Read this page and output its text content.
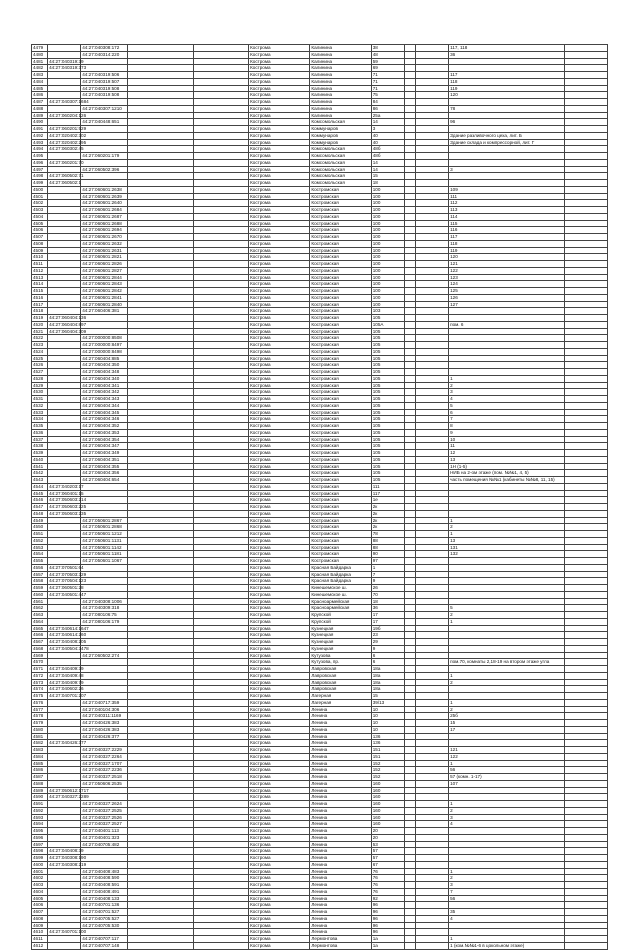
4479		44:27:040308:172			Кострома	Калинина	38			117, 118	
4480		44:27:040314:220			Кострома	Калинина	48			36	
4481	44:27:040319:39				Кострома	Калинина	59				
4482	44:27:040319:373				Кострома	Калинина	69				
4483		44:27:040319:506			Кострома	Калинина	71			117	
4484		44:27:040319:507			Кострома	Калинина	71			118	
4485		44:27:040319:508			Кострома	Калинина	71			119	
4486		44:27:040319:508			Кострома	Калинина	75			120	
4487	44:27:040307:1684				Кострома	Калинина	84				
4488		44:27:040307:1210			Кострома	Калинина	86			78	
4489	44:27:060204:126				Кострома	Калинина	25а				
4490		44:27:040448:651			Кострома	Комсомольская	14			96	
4491	44:27:060201:529				Кострома	Коммунаров	3				
4492	44:27:020402:302				Кострома	Коммунаров	40			Здание разливочного цеха, лит. Б	
4493	44:27:020402:295				Кострома	Коммунаров	40			Здание склада и компрессорной, лит. Г	
4494	44:27:060302:45				Кострома	Комсомольская	48б				
4495		44:27:060201:179			Кострома	Комсомольская	48б				
4496	44:27:060201:70				Кострома	Комсомольская	14				
4497		44:27:060502:396			Кострома	Комсомольская	14			3	
4498	44:27:060502:71				Кострома	Комсомольская	15				
4499	44:27:060502:1				Кострома	Комсомольская	18				
4500		44:27:060601:2638			Кострома	Костромская	100			109	
4501		44:27:060601:2639			Кострома	Костромская	100			111	
4502		44:27:060601:2640			Кострома	Костромская	100			112	
4503		44:27:060601:2684			Кострома	Костромская	100			113	
4504		44:27:060601:2687			Кострома	Костромская	100			114	
4505		44:27:060601:2688			Кострома	Костромская	100			115	
4506		44:27:060601:2694			Кострома	Костромская	100			116	
4507		44:27:060601:2670			Кострома	Костромская	100			117	
4508		44:27:060601:2632			Кострома	Костромская	100			118	
4509		44:27:060601:2631			Кострома	Костромская	100			119	
4510		44:27:060601:2821			Кострома	Костромская	100			120	
4511		44:27:060601:2826			Кострома	Костромская	100			121	
4512		44:27:060601:2827			Кострома	Костромская	100			122	
4513		44:27:060601:2844			Кострома	Костромская	100			123	
4514		44:27:060601:2843			Кострома	Костромская	100			124	
4515		44:27:060601:2842			Кострома	Костромская	100			125	
4516		44:27:060601:2841			Кострома	Костромская	100			126	
4517		44:27:060601:2840			Кострома	Костромская	100			127	
4518		44:27:060406:381			Кострома	Костромская	103				
4519	44:27:060404:136				Кострома	Костромская	105				
4520	44:27:060404:897				Кострома	Костромская	105А			пом. 6	
4521	44:27:060404:309				Кострома	Костромская	105				
4522		44:27:000000:8508			Кострома	Костромская	105				
4523		44:27:000000:8497			Кострома	Костромская	105				
4524		44:27:000000:8498			Кострома	Костромская	105				
4525		44:27:060404:885			Кострома	Костромская	105				
4526		44:27:060404:350			Кострома	Костромская	105				
4527		44:27:060404:348			Кострома	Костромская	105				
4528		44:27:060404:340			Кострома	Костромская	105			1	
4529		44:27:060404:341			Кострома	Костромская	105			2	
4530		44:27:060404:342			Кострома	Костромская	105			3	
4531		44:27:060404:343			Кострома	Костромская	105			4	
4532		44:27:060404:344			Кострома	Костромская	105			5	
4533		44:27:060404:345			Кострома	Костромская	105			6	
4534		44:27:060404:346			Кострома	Костромская	105			7	
4535		44:27:060404:352			Кострома	Костромская	105			8	
4536		44:27:060404:353			Кострома	Костромская	105			9	
4537		44:27:060404:354			Кострома	Костромская	105			10	
4538		44:27:060404:347			Кострома	Костромская	105			11	
4539		44:27:060404:349			Кострома	Костромская	105			12	
4540		44:27:060404:351			Кострома	Костромская	105			13	
4541		44:27:060404:355			Кострома	Костромская	105			1Н (1-5)	
4542		44:27:060404:356			Кострома	Костромская	105			НИБ на 2-ом этаже (пом. №№1, 4, 5)	
4543		44:27:060404:654			Кострома	Костромская	105			часть помещения №№1 (кабинеты №№8, 11, 15)	
4544	44:27:040203:17				Кострома	Костромская	111				
4545	44:27:060401:15				Кострома	Костромская	117				
4546	44:27:050603:214				Кострома	Костромская	1е				
4547	44:27:050603:225				Кострома	Костромская	2к				
4548	44:27:050603:235				Кострома	Костромская	2к				
4549		44:27:050601:2867			Кострома	Костромская	2к			1	
4550		44:27:050601:2868			Кострома	Костромская	2к			2	
4551		44:27:050601:1212			Кострома	Костромская	78			1	
4552		44:27:050601:1131			Кострома	Костромская	88			13	
4553		44:27:050601:1142			Кострома	Костромская	88			131	
4554		44:27:050601:1181			Кострома	Костромская	90			132	
4555		44:27:050601:1067			Кострома	Костромская	97				
4556	44:27:070501:64				Кострома	Красная Байдарка	1				
4557	44:27:070503:329				Кострома	Красная Байдарка	7				
4558	44:27:070504:123				Кострома	Красная Байдарка	9				
4559	44:27:060501:28				Кострома	Кинешемское ш.	26				
4560	44:27:040501:447				Кострома	Кинешемское ш.	70				
4561		44:27:040308:1006			Кострома	Красноармейская	18				
4562		44:27:040309:318			Кострома	Красноармейская	36			5	
4563		44:27:080106:75			Кострома	Крупской	17			2	
4564		44:27:080106:179			Кострома	Крупской	17			1	
4565	44:27:040614:1647				Кострома	Кузнецкая	19б				
4566	44:27:040614:260				Кострома	Кузнецкая	23				
4567	44:27:040408:205				Кострома	Кузнецкая	29				
4568	44:27:040504:3478				Кострома	Кузнецкая	9				
4569		44:27:060502:274			Кострома	Кутузова	6				
4570					Кострома	Кутузова, пр.	6			пом.70, комнаты 2,18-19 на втором этаже угла	
4571	44:27:040409:39				Кострома	Лавровская	18а				
4572	44:27:040409:48				Кострома	Лавровская	18а			1	
4573	44:27:040409:79				Кострома	Лавровская	18а			2	
4574	44:27:040602:26				Кострома	Лавровская	18а				
4575	44:27:040701:207				Кострома	Лагерная	15				
4576		44:27:040717:359			Кострома	Лагерная	39/13			1	
4577		44:27:040104:306			Кострома	Ленина	10			2	
4578		44:27:040311:1169			Кострома	Ленина	10			25б	
4579		44:27:040426:383			Кострома	Ленина	10			15	
4580		44:27:040426:383			Кострома	Ленина	10			17	
4581		44:27:040426:377			Кострома	Ленина	136				
4582	44:27:040426:377				Кострома	Ленина	136				
4583		44:27:040327:2229			Кострома	Ленина	151			121	
4584		44:27:040327:2264			Кострома	Ленина	151			122	
4585		44:27:040327:1707			Кострома	Ленина	152			1	
4586		44:27:040327:2236			Кострома	Ленина	152			56	
4587		44:27:040327:2518			Кострома	Ленина	152			57 (комн. 1-17)	
4588		44:27:050606:2535			Кострома	Ленина	160			107	
4589	44:27:050612:1717				Кострома	Ленина	160				
4590	44:27:040327:2289				Кострома	Ленина	160				
4591		44:27:040327:2624			Кострома	Ленина	160			1	
4592		44:27:040327:2525			Кострома	Ленина	160			2	
4593		44:27:040327:2526			Кострома	Ленина	160			3	
4594		44:27:040327:2527			Кострома	Ленина	160			4	
4595		44:27:040401:113			Кострома	Ленина	20				
4596		44:27:040401:323			Кострома	Ленина	20				
4597		44:27:040705:482			Кострома	Ленина	53				
4598	44:27:040408:39				Кострома	Ленина	57				
4599	44:27:040308:190				Кострома	Ленина	57				
4600	44:27:040308:219				Кострома	Ленина	67				
4601		44:27:040408:483			Кострома	Ленина	76			1	
4602		44:27:040408:590			Кострома	Ленина	76			2	
4603		44:27:040408:591			Кострома	Ленина	76			3	
4604		44:27:040408:491			Кострома	Ленина	76			7	
4605		44:27:040408:133			Кострома	Ленина	92			56	
4606		44:27:040701:136			Кострома	Ленина	96				
4607		44:27:040701:527			Кострома	Ленина	96			35	
4608		44:27:040705:527			Кострома	Ленина	96			4	
4609		44:27:040705:530			Кострома	Ленина	96				
4610	44:27:040701:100				Кострома	Ленина	96				
4611		44:27:040707:117			Кострома	Лермонтова	1а			1	
4612		44:27:040707:148			Кострома	Лермонтова	1а			1 (ком.№№1-6 в цокольном этаже)	
